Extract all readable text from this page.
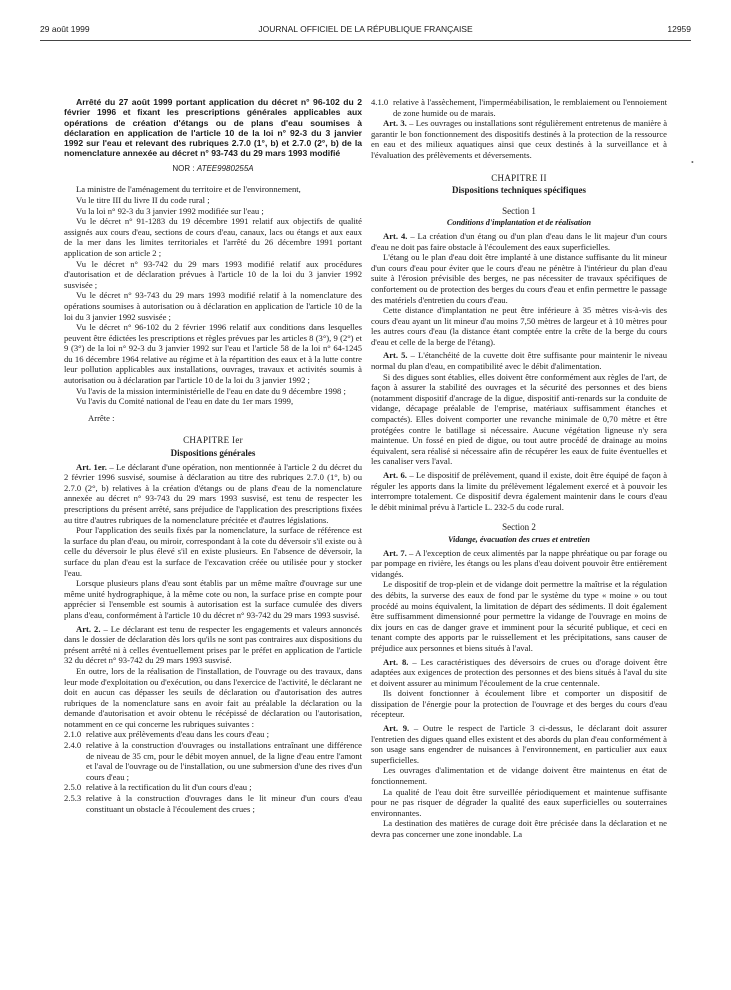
29 août 1999	JOURNAL OFFICIEL DE LA RÉPUBLIQUE FRANÇAISE	12959

Arrêté du 27 août 1999 portant application du décret n° 96-102 du 2 février 1996 et fixant les prescriptions générales applicables aux opérations de création d'étangs ou de plans d'eau soumises à déclaration en application de l'article 10 de la loi n° 92-3 du 3 janvier 1992 sur l'eau et relevant des rubriques 2.7.0 (1°, b) et 2.7.0 (2°, b) de la nomenclature annexée au décret n° 93-743 du 29 mars 1993 modifié

NOR : ATEE9980255A

La ministre de l'aménagement du territoire et de l'environnement,

Vu le titre III du livre II du code rural ;

Vu la loi n° 92-3 du 3 janvier 1992 modifiée sur l'eau ;

Vu le décret n° 91-1283 du 19 décembre 1991 relatif aux objectifs de qualité assignés aux cours d'eau, sections de cours d'eau, canaux, lacs ou étangs et aux eaux de la mer dans les limites territoriales et l'arrêté du 26 décembre 1991 portant application de son article 2 ;

Vu le décret n° 93-742 du 29 mars 1993 modifié relatif aux procédures d'autorisation et de déclaration prévues à l'article 10 de la loi du 3 janvier 1992 susvisée ;

Vu le décret n° 93-743 du 29 mars 1993 modifié relatif à la nomenclature des opérations soumises à autorisation ou à déclaration en application de l'article 10 de la loi du 3 janvier 1992 susvisée ;

Vu le décret n° 96-102 du 2 février 1996 relatif aux conditions dans lesquelles peuvent être édictées les prescriptions et règles prévues par les articles 8 (3°), 9 (2°) et 9 (3°) de la loi n° 92-3 du 3 janvier 1992 sur l'eau et l'article 58 de la loi n° 64-1245 du 16 décembre 1964 relative au régime et à la répartition des eaux et à la lutte contre leur pollution applicables aux installations, ouvrages, travaux et activités soumis à autorisation ou à déclaration par l'article 10 de la loi du 3 janvier 1992 ;

Vu l'avis de la mission interministérielle de l'eau en date du 9 décembre 1998 ;

Vu l'avis du Comité national de l'eau en date du 1er mars 1999,

Arrête :

CHAPITRE Ier
Dispositions générales

Art. 1er. – Le déclarant d'une opération, non mentionnée à l'article 2 du décret du 2 février 1996 susvisé, soumise à déclaration au titre des rubriques 2.7.0 (1°, b) ou 2.7.0 (2°, b) relatives à la création d'étangs ou de plans d'eau de la nomenclature annexée au décret n° 93-743 du 29 mars 1993 susvisé, est tenu de respecter les prescriptions du présent arrêté, sans préjudice de l'application des prescriptions fixées au titre d'autres rubriques de la nomenclature précitée et d'autres législations.

Pour l'application des seuils fixés par la nomenclature, la surface de référence est la surface du plan d'eau, ou miroir, correspondant à la cote du déversoir s'il existe ou à celle du déversoir le plus élevé s'il en existe plusieurs. En l'absence de déversoir, la surface du plan d'eau est la surface de l'excavation créée ou utilisée pour y stocker l'eau.

Lorsque plusieurs plans d'eau sont établis par un même maître d'ouvrage sur une même unité hydrographique, à la même cote ou non, la surface prise en compte pour apprécier si l'ensemble est soumis à autorisation est la surface cumulée des divers plans d'eau, conformément à l'article 10 du décret n° 93-742 du 29 mars 1993 susvisé.

Art. 2. – Le déclarant est tenu de respecter les engagements et valeurs annoncés dans le dossier de déclaration dès lors qu'ils ne sont pas contraires aux dispositions du présent arrêté ni à celles éventuellement prises par le préfet en application de l'article 32 du décret n° 93-742 du 29 mars 1993 susvisé.

En outre, lors de la réalisation de l'installation, de l'ouvrage ou des travaux, dans leur mode d'exploitation ou d'exécution, ou dans l'exercice de l'activité, le déclarant ne doit en aucun cas dépasser les seuils de déclaration ou d'autorisation des autres rubriques de la nomenclature sans en avoir fait au préalable la déclaration ou la demande d'autorisation et avoir obtenu le récépissé de déclaration ou l'autorisation, notamment en ce qui concerne les rubriques suivantes :

2.1.0 relative aux prélèvements d'eau dans les cours d'eau ;

2.4.0 relative à la construction d'ouvrages ou installations entraînant une différence de niveau de 35 cm, pour le débit moyen annuel, de la ligne d'eau entre l'amont et l'aval de l'ouvrage ou de l'installation, ou une submersion d'une des rives d'un cours d'eau ;

2.5.0 relative à la rectification du lit d'un cours d'eau ;

2.5.3 relative à la construction d'ouvrages dans le lit mineur d'un cours d'eau constituant un obstacle à l'écoulement des crues ;

4.1.0 relative à l'assèchement, l'imperméabilisation, le remblaiement ou l'ennoiement de zone humide ou de marais.

Art. 3. – Les ouvrages ou installations sont régulièrement entretenus de manière à garantir le bon fonctionnement des dispositifs destinés à la protection de la ressource en eau et des milieux aquatiques ainsi que ceux destinés à la surveillance et à l'évaluation des prélèvements et déversements.

CHAPITRE II
Dispositions techniques spécifiques
Section 1
Conditions d'implantation et de réalisation

Art. 4. – La création d'un étang ou d'un plan d'eau dans le lit majeur d'un cours d'eau ne doit pas faire obstacle à l'écoulement des eaux superficielles.

L'étang ou le plan d'eau doit être implanté à une distance suffisante du lit mineur d'un cours d'eau pour éviter que le cours d'eau ne pénètre à l'intérieur du plan d'eau suite à l'érosion prévisible des berges, ne pas nécessiter de travaux spécifiques de confortement ou de protection des berges du cours d'eau et enfin permettre le passage des matériels d'entretien du cours d'eau.

Cette distance d'implantation ne peut être inférieure à 35 mètres vis-à-vis des cours d'eau ayant un lit mineur d'au moins 7,50 mètres de largeur et à 10 mètres pour les autres cours d'eau (la distance étant comptée entre la crête de la berge du cours d'eau et celle de la berge de l'étang).

Art. 5. – L'étanchéité de la cuvette doit être suffisante pour maintenir le niveau normal du plan d'eau, en compatibilité avec le débit d'alimentation.

Si des digues sont établies, elles doivent être conformément aux règles de l'art, de façon à assurer la stabilité des ouvrages et la sécurité des personnes et des biens (notamment dispositif d'ancrage de la digue, dispositif anti-renards sur la conduite de vidange, décapage préalable de l'emprise, matériaux suffisamment étanches et compactés). Elles doivent comporter une revanche minimale de 0,70 mètre et être protégées contre le batillage si nécessaire. Aucune végétation ligneuse n'y sera maintenue. Un fossé en pied de digue, ou tout autre procédé de drainage au moins équivalent, sera réalisé si nécessaire afin de récupérer les eaux de fuite éventuelles et les canaliser vers l'aval.

Art. 6. – Le dispositif de prélèvement, quand il existe, doit être équipé de façon à réguler les apports dans la limite du prélèvement légalement exercé et à pouvoir les interrompre totalement. Ce dispositif devra également maintenir dans le cours d'eau le débit minimal prévu à l'article L. 232-5 du code rural.

Section 2
Vidange, évacuation des crues et entretien

Art. 7. – A l'exception de ceux alimentés par la nappe phréatique ou par forage ou par pompage en rivière, les étangs ou les plans d'eau doivent pouvoir être entièrement vidangés.

Le dispositif de trop-plein et de vidange doit permettre la maîtrise et la régulation des débits, la surverse des eaux de fond par le système du type « moine » ou tout procédé au moins équivalent, la limitation de départ des sédiments. Il doit également être suffisamment dimensionné pour permettre la vidange de l'ouvrage en moins de dix jours en cas de danger grave et imminent pour la sécurité publique, et ceci en tenant compte des apports par le ruissellement et les précipitations, sans causer de préjudice aux personnes et biens situés à l'aval.

Art. 8. – Les caractéristiques des déversoirs de crues ou d'orage doivent être adaptées aux exigences de protection des personnes et des biens situés à l'aval du site et doivent assurer au minimum l'écoulement de la crue centennale.

Ils doivent fonctionner à écoulement libre et comporter un dispositif de dissipation de l'énergie pour la protection de l'ouvrage et des berges du cours d'eau récepteur.

Art. 9. – Outre le respect de l'article 3 ci-dessus, le déclarant doit assurer l'entretien des digues quand elles existent et des abords du plan d'eau conformément à son usage sans engendrer de nuisances à l'environnement, en particulier aux eaux superficielles.

Les ouvrages d'alimentation et de vidange doivent être maintenus en état de fonctionnement.

La qualité de l'eau doit être surveillée périodiquement et maintenue suffisante pour ne pas risquer de dégrader la qualité des eaux superficielles ou souterraines environnantes.

La destination des matières de curage doit être précisée dans la déclaration et ne devra pas concerner une zone inondable. La

•
